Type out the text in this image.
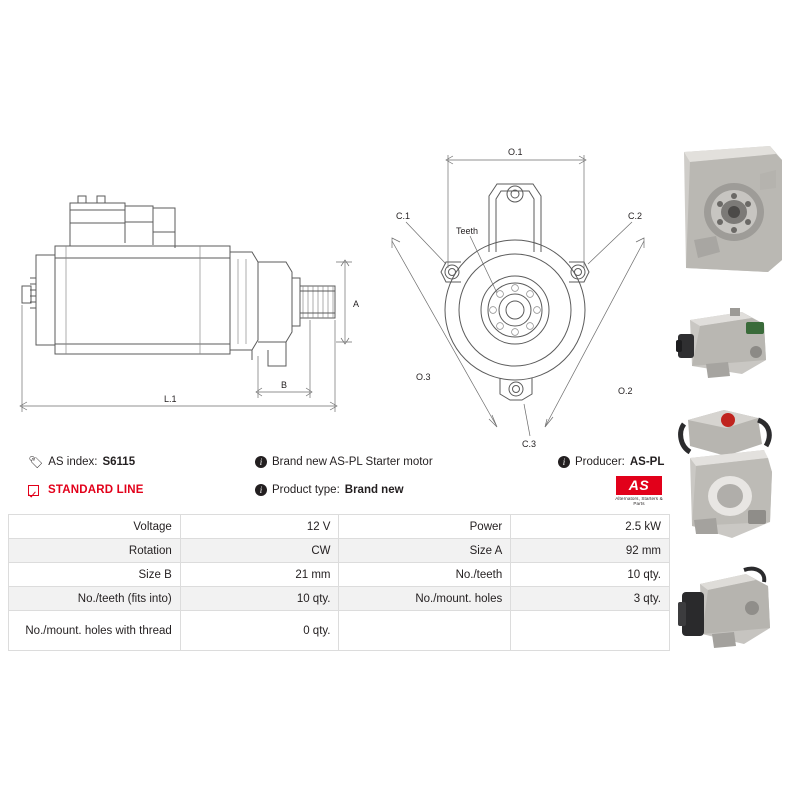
A
B
L.1
O.1
C.1	C.2
C.3
O.3
O.2
Teeth
🏷 AS index: S6115
STANDARD LINE
i Brand new AS-PL Starter motor
i Product type: Brand new
i Producer: AS-PL
AS
Alternators, Starters & Parts
Voltage	12 V	Power	2.5 kW
Rotation	CW	Size A	92 mm
Size B	21 mm	No./teeth	10 qty.
No./teeth (fits into)	10 qty.	No./mount. holes	3 qty.
No./mount. holes with thread	0 qty.		
